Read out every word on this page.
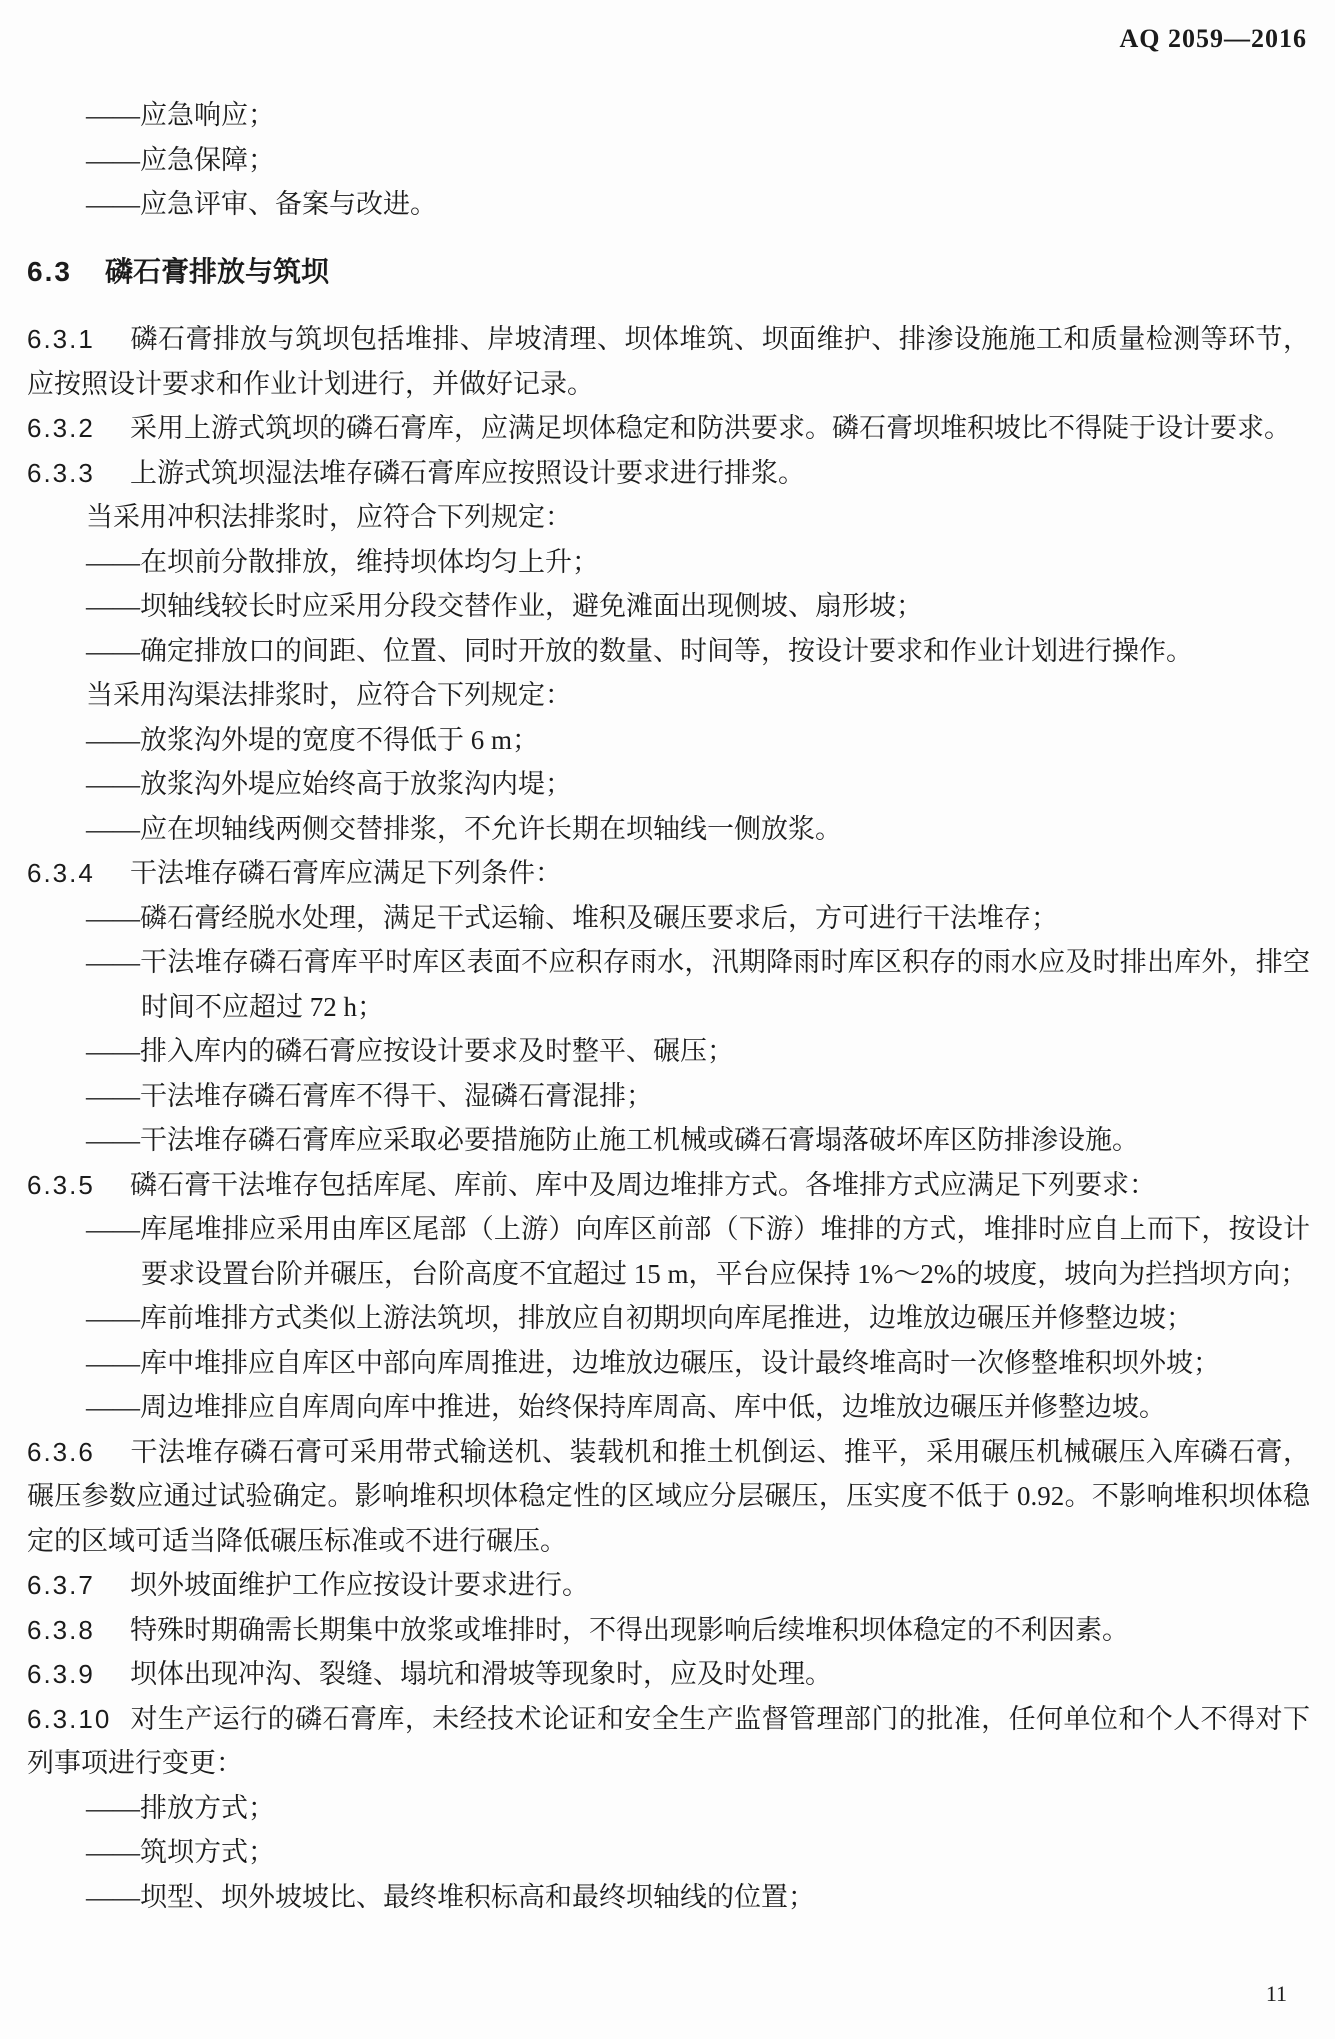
AQ 2059—2016

——应急响应；

——应急保障；

——应急评审、备案与改进。

6.3 磷石膏排放与筑坝

6.3.1 磷石膏排放与筑坝包括堆排、岸坡清理、坝体堆筑、坝面维护、排渗设施施工和质量检测等环节，应按照设计要求和作业计划进行，并做好记录。

6.3.2 采用上游式筑坝的磷石膏库，应满足坝体稳定和防洪要求。磷石膏坝堆积坡比不得陡于设计要求。

6.3.3 上游式筑坝湿法堆存磷石膏库应按照设计要求进行排浆。

当采用冲积法排浆时，应符合下列规定：

——在坝前分散排放，维持坝体均匀上升；

——坝轴线较长时应采用分段交替作业，避免滩面出现侧坡、扇形坡；

——确定排放口的间距、位置、同时开放的数量、时间等，按设计要求和作业计划进行操作。

当采用沟渠法排浆时，应符合下列规定：

——放浆沟外堤的宽度不得低于 6 m；

——放浆沟外堤应始终高于放浆沟内堤；

——应在坝轴线两侧交替排浆，不允许长期在坝轴线一侧放浆。

6.3.4 干法堆存磷石膏库应满足下列条件：

——磷石膏经脱水处理，满足干式运输、堆积及碾压要求后，方可进行干法堆存；

——干法堆存磷石膏库平时库区表面不应积存雨水，汛期降雨时库区积存的雨水应及时排出库外，排空时间不应超过 72 h；

——排入库内的磷石膏应按设计要求及时整平、碾压；

——干法堆存磷石膏库不得干、湿磷石膏混排；

——干法堆存磷石膏库应采取必要措施防止施工机械或磷石膏塌落破坏库区防排渗设施。

6.3.5 磷石膏干法堆存包括库尾、库前、库中及周边堆排方式。各堆排方式应满足下列要求：

——库尾堆排应采用由库区尾部（上游）向库区前部（下游）堆排的方式，堆排时应自上而下，按设计要求设置台阶并碾压，台阶高度不宜超过 15 m，平台应保持 1%～2%的坡度，坡向为拦挡坝方向；

——库前堆排方式类似上游法筑坝，排放应自初期坝向库尾推进，边堆放边碾压并修整边坡；

——库中堆排应自库区中部向库周推进，边堆放边碾压，设计最终堆高时一次修整堆积坝外坡；

——周边堆排应自库周向库中推进，始终保持库周高、库中低，边堆放边碾压并修整边坡。

6.3.6 干法堆存磷石膏可采用带式输送机、装载机和推土机倒运、推平，采用碾压机械碾压入库磷石膏，碾压参数应通过试验确定。影响堆积坝体稳定性的区域应分层碾压，压实度不低于 0.92。不影响堆积坝体稳定的区域可适当降低碾压标准或不进行碾压。

6.3.7 坝外坡面维护工作应按设计要求进行。

6.3.8 特殊时期确需长期集中放浆或堆排时，不得出现影响后续堆积坝体稳定的不利因素。

6.3.9 坝体出现冲沟、裂缝、塌坑和滑坡等现象时，应及时处理。

6.3.10 对生产运行的磷石膏库，未经技术论证和安全生产监督管理部门的批准，任何单位和个人不得对下列事项进行变更：

——排放方式；

——筑坝方式；

——坝型、坝外坡坡比、最终堆积标高和最终坝轴线的位置；

11
